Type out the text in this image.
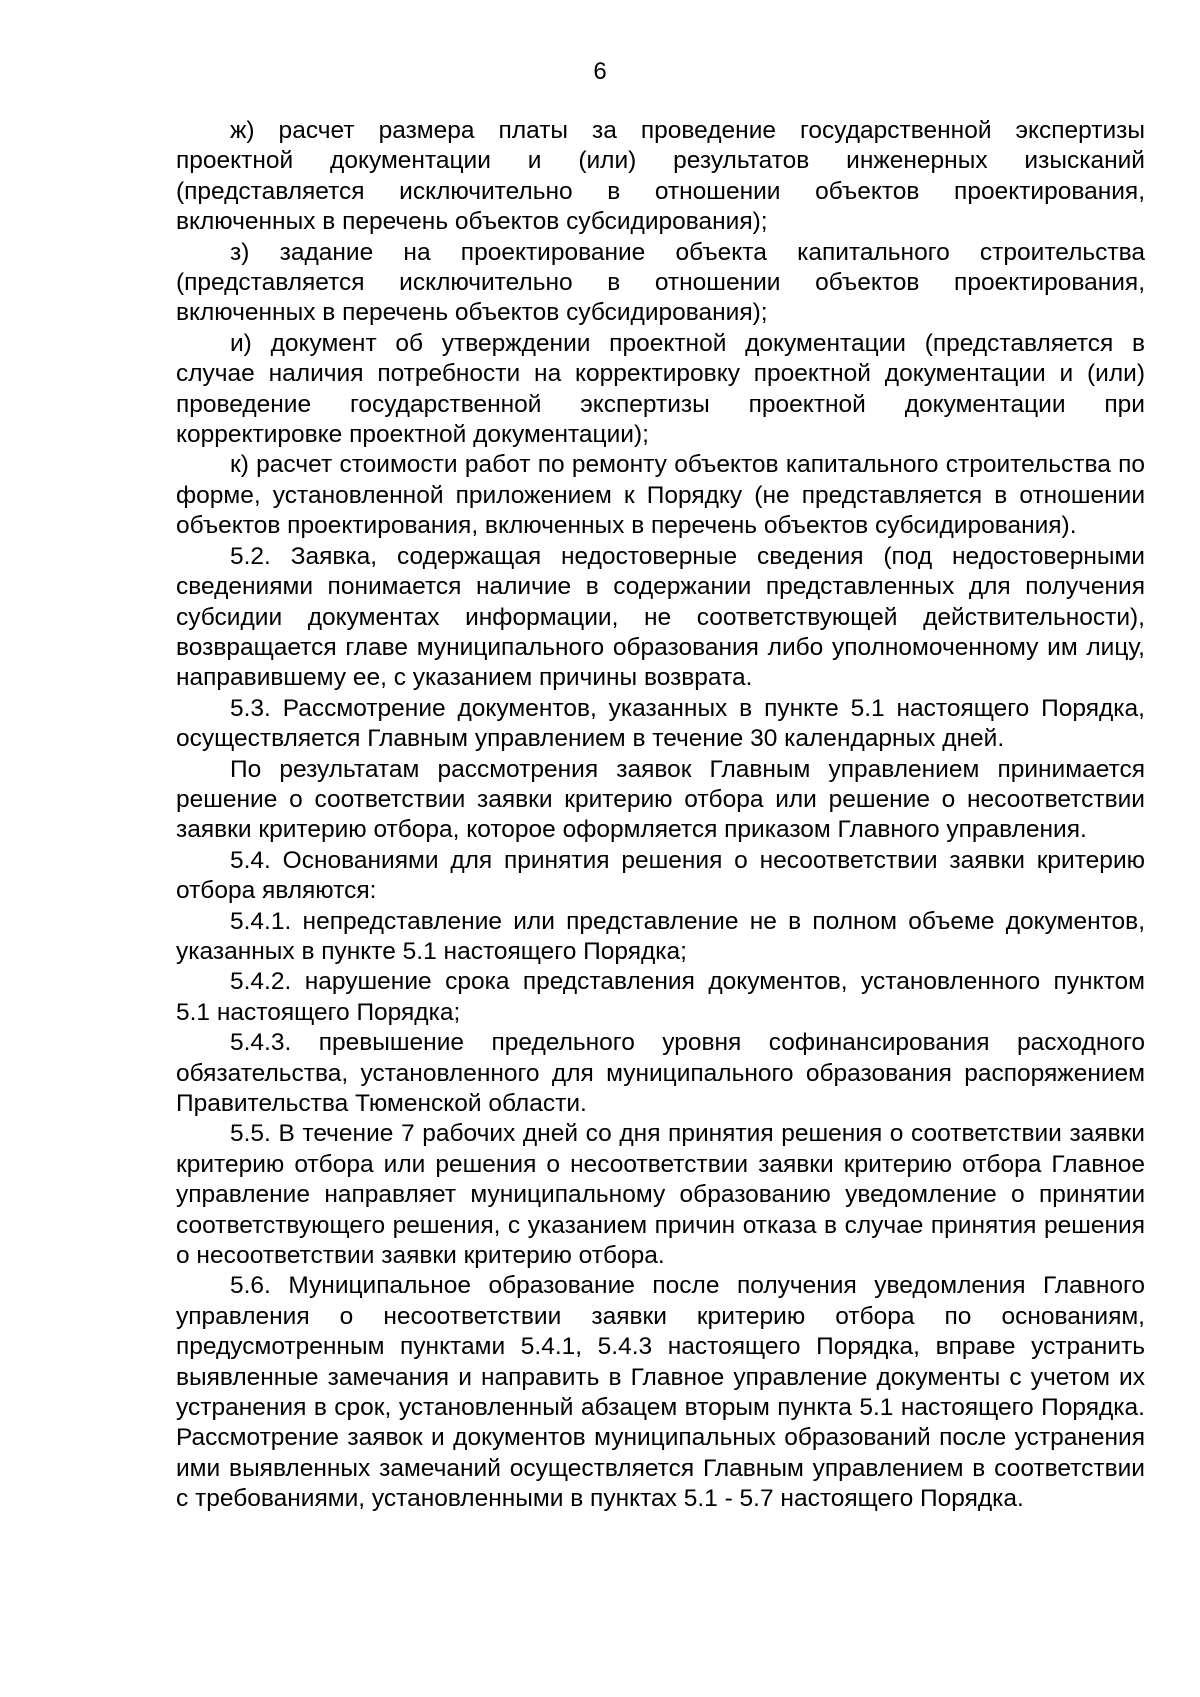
6

ж) расчет размера платы за проведение государственной экспертизы проектной документации и (или) результатов инженерных изысканий (представляется исключительно в отношении объектов проектирования, включенных в перечень объектов субсидирования);

з) задание на проектирование объекта капитального строительства (представляется исключительно в отношении объектов проектирования, включенных в перечень объектов субсидирования);

и) документ об утверждении проектной документации (представляется в случае наличия потребности на корректировку проектной документации и (или) проведение государственной экспертизы проектной документации при корректировке проектной документации);

к) расчет стоимости работ по ремонту объектов капитального строительства по форме, установленной приложением к Порядку (не представляется в отношении объектов проектирования, включенных в перечень объектов субсидирования).

5.2. Заявка, содержащая недостоверные сведения (под недостоверными сведениями понимается наличие в содержании представленных для получения субсидии документах информации, не соответствующей действительности), возвращается главе муниципального образования либо уполномоченному им лицу, направившему ее, с указанием причины возврата.

5.3. Рассмотрение документов, указанных в пункте 5.1 настоящего Порядка, осуществляется Главным управлением в течение 30 календарных дней.

По результатам рассмотрения заявок Главным управлением принимается решение о соответствии заявки критерию отбора или решение о несоответствии заявки критерию отбора, которое оформляется приказом Главного управления.

5.4. Основаниями для принятия решения о несоответствии заявки критерию отбора являются:

5.4.1. непредставление или представление не в полном объеме документов, указанных в пункте 5.1 настоящего Порядка;

5.4.2. нарушение срока представления документов, установленного пунктом 5.1 настоящего Порядка;

5.4.3. превышение предельного уровня софинансирования расходного обязательства, установленного для муниципального образования распоряжением Правительства Тюменской области.

5.5. В течение 7 рабочих дней со дня принятия решения о соответствии заявки критерию отбора или решения о несоответствии заявки критерию отбора Главное управление направляет муниципальному образованию уведомление о принятии соответствующего решения, с указанием причин отказа в случае принятия решения о несоответствии заявки критерию отбора.

5.6. Муниципальное образование после получения уведомления Главного управления о несоответствии заявки критерию отбора по основаниям, предусмотренным пунктами 5.4.1, 5.4.3 настоящего Порядка, вправе устранить выявленные замечания и направить в Главное управление документы с учетом их устранения в срок, установленный абзацем вторым пункта 5.1 настоящего Порядка. Рассмотрение заявок и документов муниципальных образований после устранения ими выявленных замечаний осуществляется Главным управлением в соответствии с требованиями, установленными в пунктах 5.1 - 5.7 настоящего Порядка.
